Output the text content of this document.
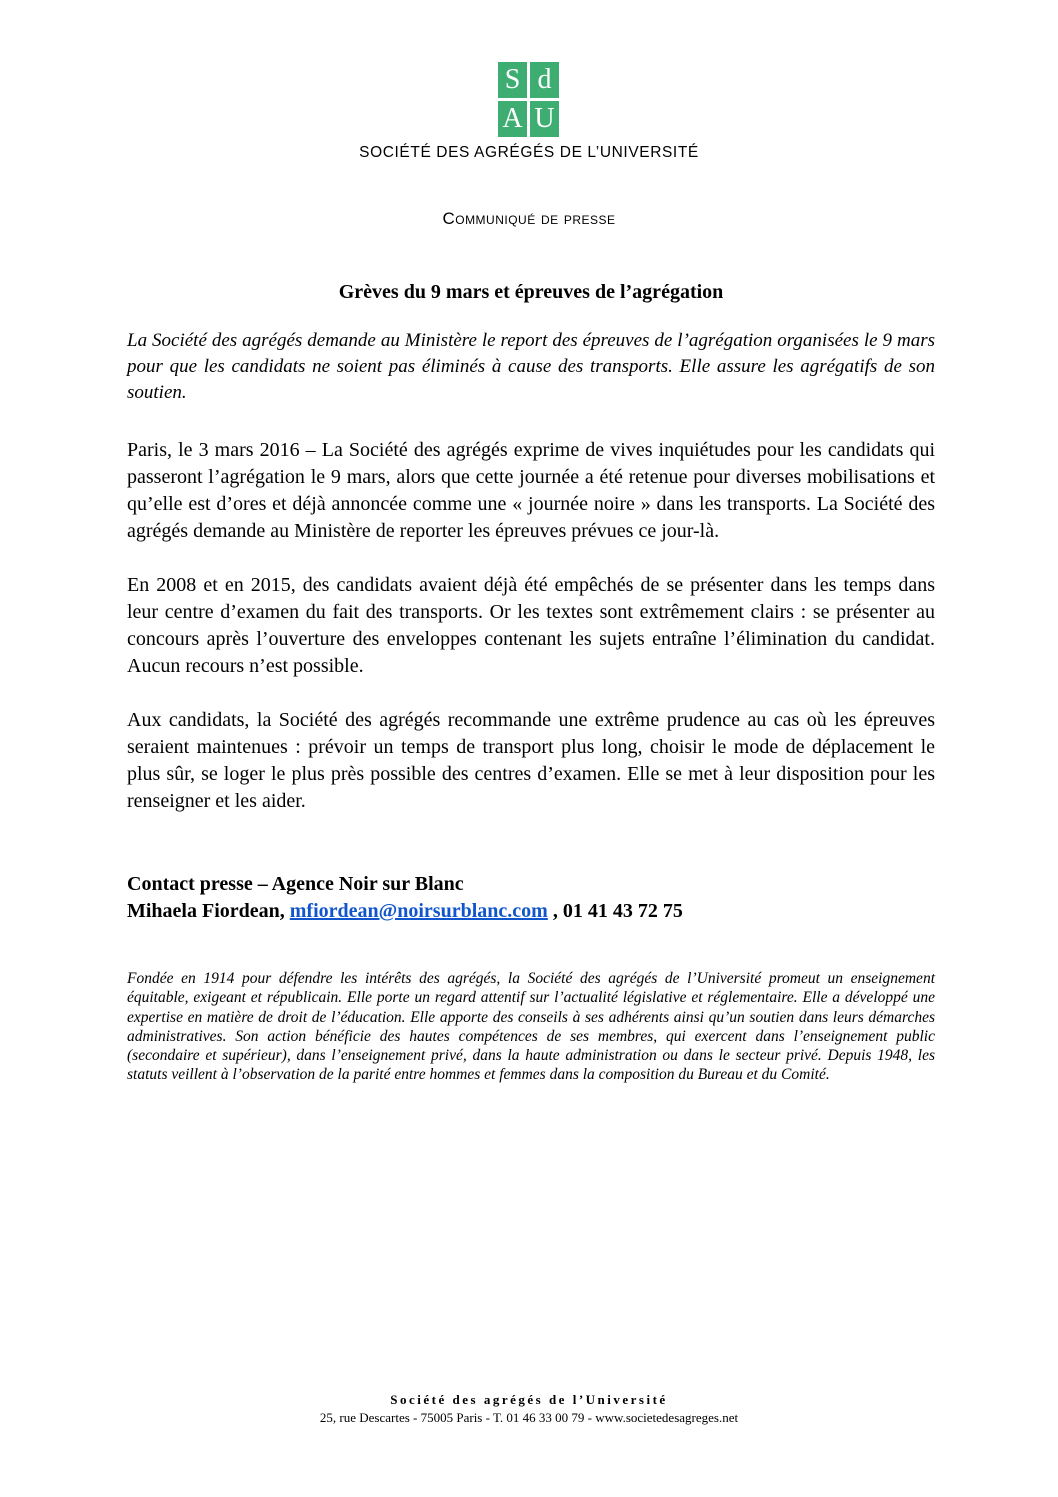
S d
A U
SOCIÉTÉ DES AGRÉGÉS DE L’UNIVERSITÉ
Communiqué de presse
Grèves du 9 mars et épreuves de l’agrégation

La Société des agrégés demande au Ministère le report des épreuves de l’agrégation organisées le 9 mars pour que les candidats ne soient pas éliminés à cause des transports. Elle assure les agrégatifs de son soutien.

Paris, le 3 mars 2016 – La Société des agrégés exprime de vives inquiétudes pour les candidats qui passeront l’agrégation le 9 mars, alors que cette journée a été retenue pour diverses mobilisations et qu’elle est d’ores et déjà annoncée comme une « journée noire » dans les transports. La Société des agrégés demande au Ministère de reporter les épreuves prévues ce jour-là.

En 2008 et en 2015, des candidats avaient déjà été empêchés de se présenter dans les temps dans leur centre d’examen du fait des transports. Or les textes sont extrêmement clairs : se présenter au concours après l’ouverture des enveloppes contenant les sujets entraîne l’élimination du candidat. Aucun recours n’est possible.

Aux candidats, la Société des agrégés recommande une extrême prudence au cas où les épreuves seraient maintenues : prévoir un temps de transport plus long, choisir le mode de déplacement le plus sûr, se loger le plus près possible des centres d’examen. Elle se met à leur disposition pour les renseigner et les aider.

Contact presse – Agence Noir sur Blanc
Mihaela Fiordean, mfiordean@noirsurblanc.com , 01 41 43 72 75

Fondée en 1914 pour défendre les intérêts des agrégés, la Société des agrégés de l’Université promeut un enseignement équitable, exigeant et républicain. Elle porte un regard attentif sur l’actualité législative et réglementaire. Elle a développé une expertise en matière de droit de l’éducation. Elle apporte des conseils à ses adhérents ainsi qu’un soutien dans leurs démarches administratives. Son action bénéficie des hautes compétences de ses membres, qui exercent dans l’enseignement public (secondaire et supérieur), dans l’enseignement privé, dans la haute administration ou dans le secteur privé. Depuis 1948, les statuts veillent à l’observation de la parité entre hommes et femmes dans la composition du Bureau et du Comité.

Société des agrégés de l’Université
25, rue Descartes - 75005 Paris - T. 01 46 33 00 79 - www.societedesagreges.net
